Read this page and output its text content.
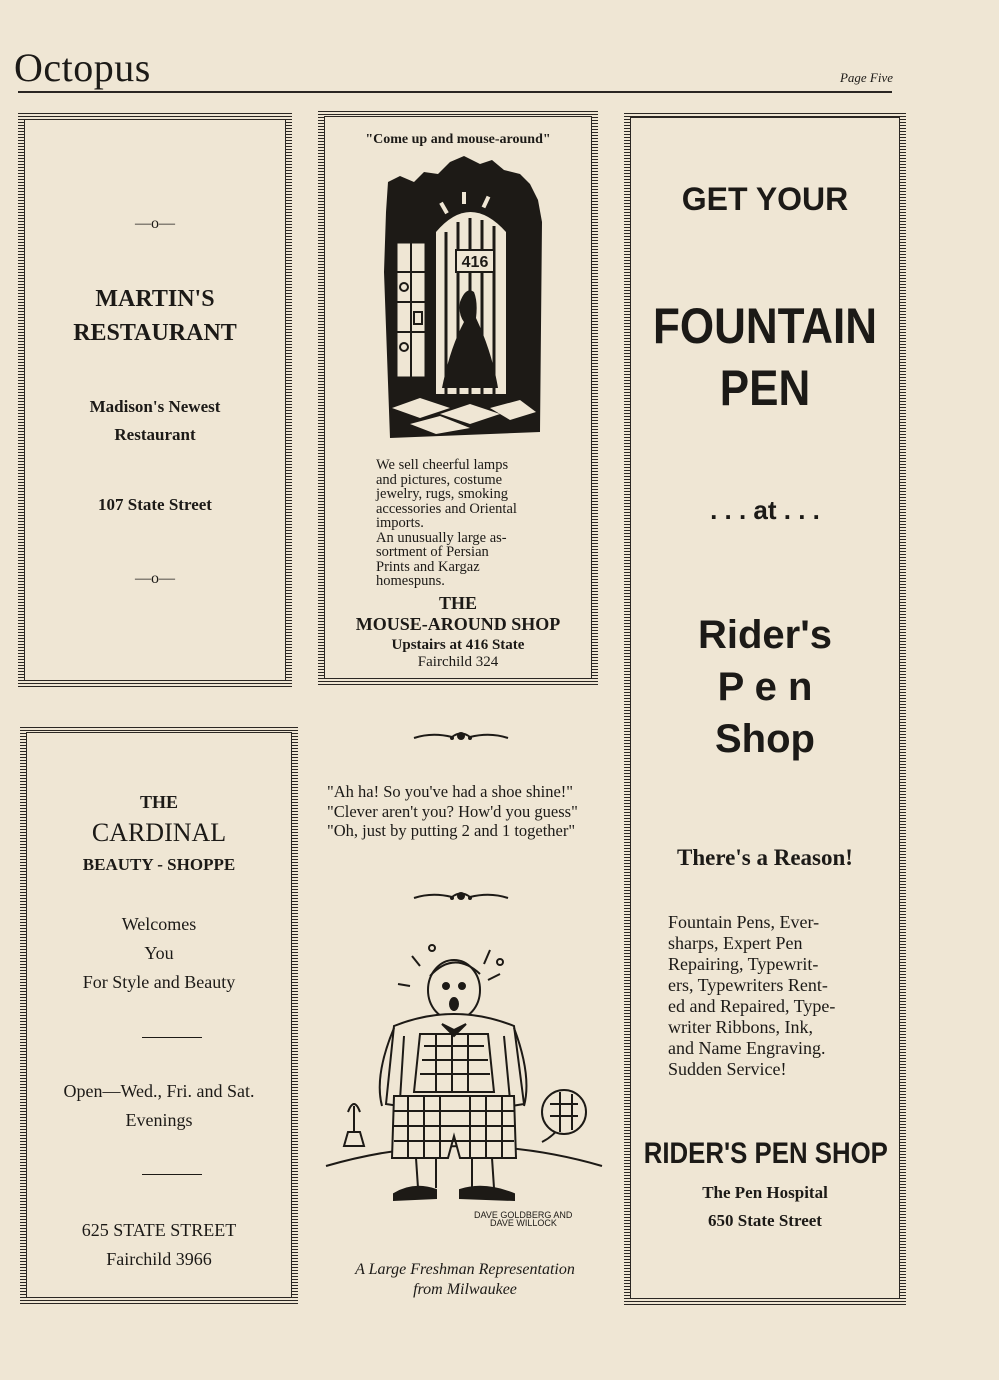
Octopus	Page Five
—o—
MARTIN'S
RESTAURANT
Madison's Newest
Restaurant
107 State Street
—o—
"Come up and mouse-around"
416
We sell cheerful lamps
and pictures, costume
jewelry, rugs, smoking
accessories and Oriental
imports.
An unusually large as-
sortment of Persian
Prints and Kargaz
homespuns.
THE
MOUSE-AROUND SHOP
Upstairs at 416 State
Fairchild 324
"Ah ha! So you've had a shoe shine!"
"Clever aren't you? How'd you guess"
"Oh, just by putting 2 and 1 together"
DAVE GOLDBERG AND
DAVE WILLOCK
A Large Freshman Representation
from Milwaukee
THE
CARDINAL
BEAUTY - SHOPPE
Welcomes
You
For Style and Beauty
Open—Wed., Fri. and Sat.
Evenings
625 STATE STREET
Fairchild 3966
GET YOUR
FOUNTAIN
PEN
. . . at . . .
Rider's
P e n
Shop
There's a Reason!
Fountain Pens, Ever-
sharps, Expert Pen
Repairing, Typewrit-
ers, Typewriters Rent-
ed and Repaired, Type-
writer Ribbons, Ink,
and Name Engraving.
Sudden Service!
RIDER'S PEN SHOP
The Pen Hospital
650 State Street
